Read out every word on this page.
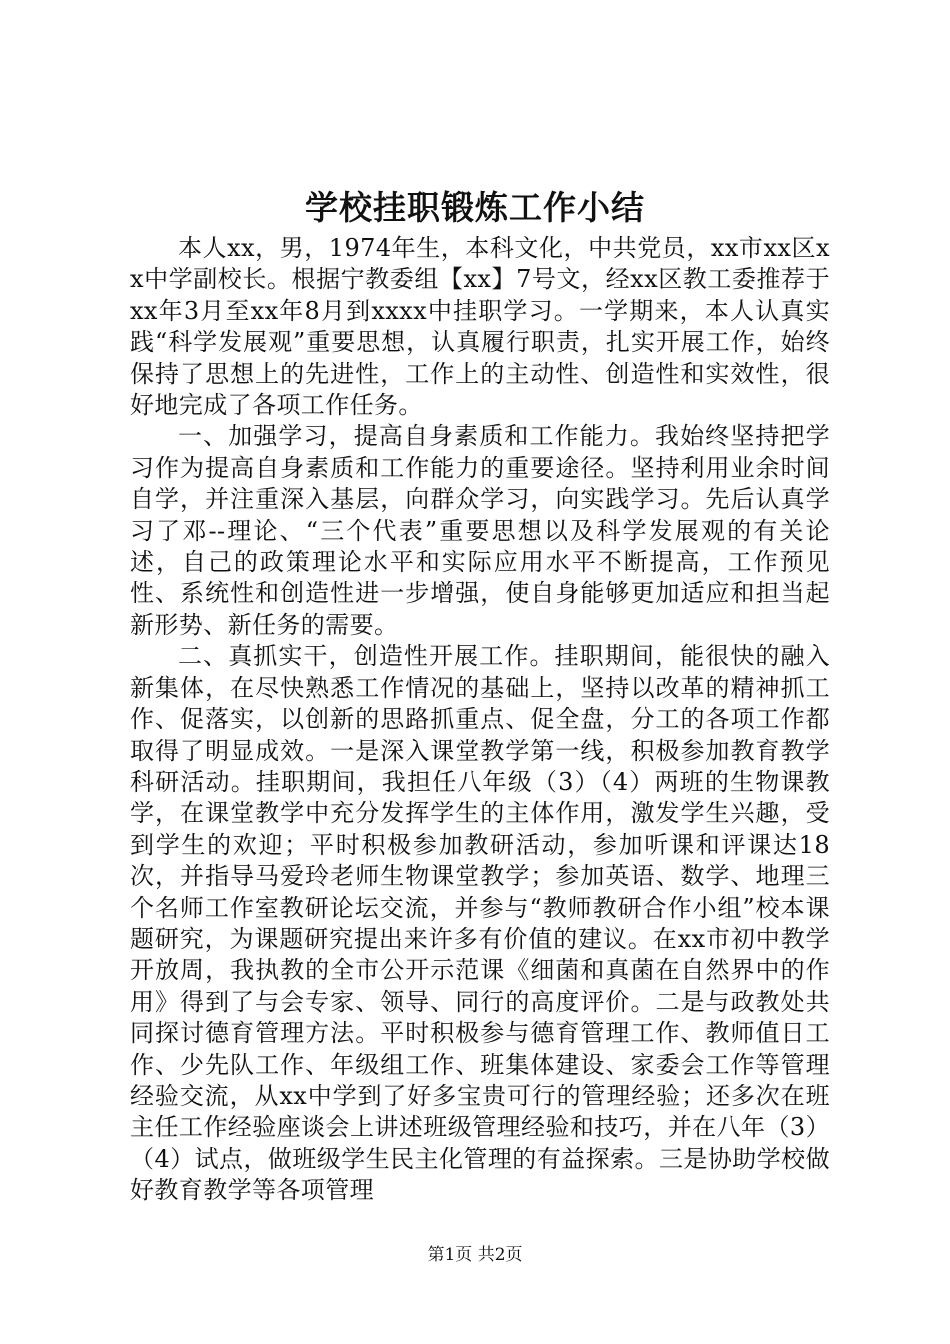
学校挂职锻炼工作小结

本人xx，男，1974年生，本科文化，中共党员，xx市xx区xx中学副校长。根据宁教委组【xx】7号文，经xx区教工委推荐于xx年3月至xx年8月到xxxx中挂职学习。一学期来，本人认真实践“科学发展观”重要思想，认真履行职责，扎实开展工作，始终保持了思想上的先进性，工作上的主动性、创造性和实效性，很好地完成了各项工作任务。

一、加强学习，提高自身素质和工作能力。我始终坚持把学习作为提高自身素质和工作能力的重要途径。坚持利用业余时间自学，并注重深入基层，向群众学习，向实践学习。先后认真学习了邓--理论、“三个代表”重要思想以及科学发展观的有关论述，自己的政策理论水平和实际应用水平不断提高，工作预见性、系统性和创造性进一步增强，使自身能够更加适应和担当起新形势、新任务的需要。

二、真抓实干，创造性开展工作。挂职期间，能很快的融入新集体，在尽快熟悉工作情况的基础上，坚持以改革的精神抓工作、促落实，以创新的思路抓重点、促全盘，分工的各项工作都取得了明显成效。一是深入课堂教学第一线，积极参加教育教学科研活动。挂职期间，我担任八年级（3）（4）两班的生物课教学，在课堂教学中充分发挥学生的主体作用，激发学生兴趣，受到学生的欢迎；平时积极参加教研活动，参加听课和评课达18次，并指导马爱玲老师生物课堂教学；参加英语、数学、地理三个名师工作室教研论坛交流，并参与“教师教研合作小组”校本课题研究，为课题研究提出来许多有价值的建议。在xx市初中教学开放周，我执教的全市公开示范课《细菌和真菌在自然界中的作用》得到了与会专家、领导、同行的高度评价。二是与政教处共同探讨德育管理方法。平时积极参与德育管理工作、教师值日工作、少先队工作、年级组工作、班集体建设、家委会工作等管理经验交流，从xx中学到了好多宝贵可行的管理经验；还多次在班主任工作经验座谈会上讲述班级管理经验和技巧，并在八年（3）（4）试点，做班级学生民主化管理的有益探索。三是协助学校做好教育教学等各项管理

第1页 共2页
